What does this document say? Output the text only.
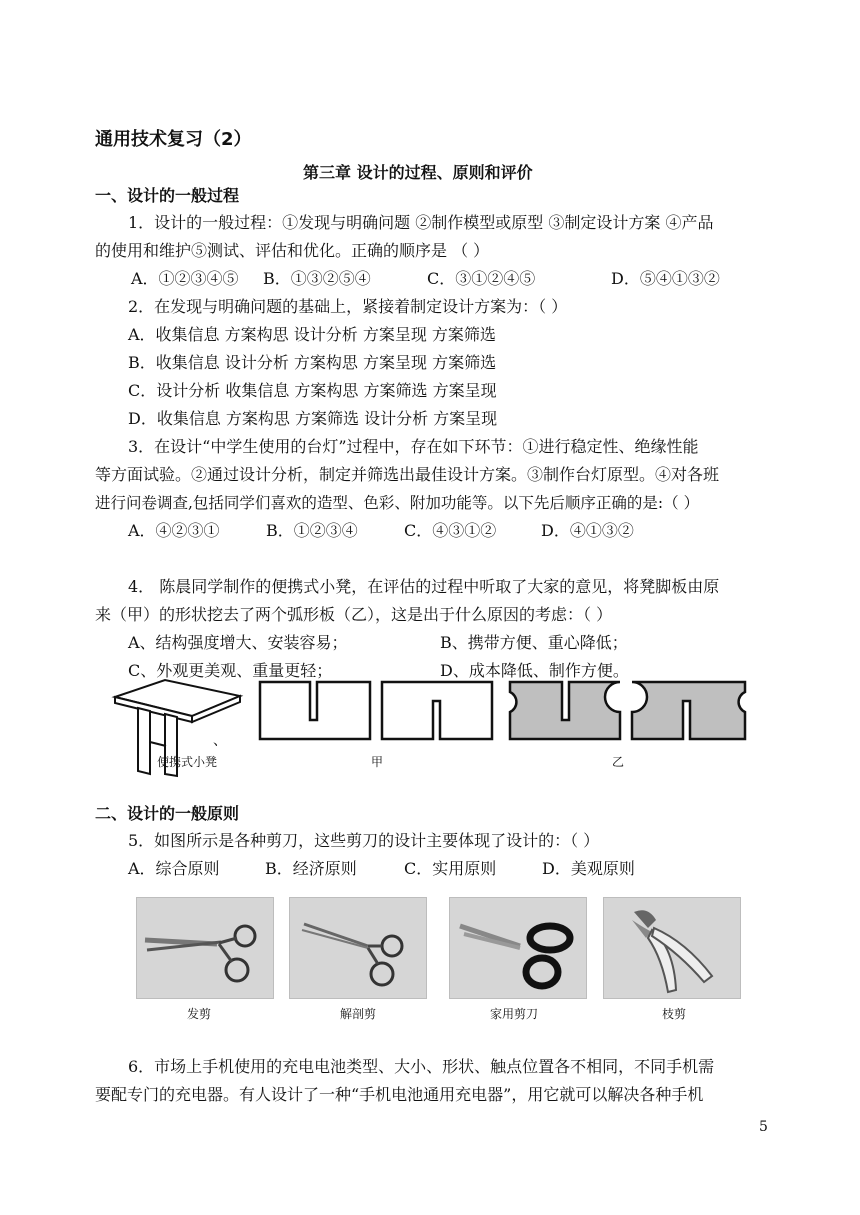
通用技术复习（2）
第三章 设计的过程、原则和评价
一、设计的一般过程
1．设计的一般过程：①发现与明确问题 ②制作模型或原型 ③制定设计方案 ④产品
的使用和维护⑤测试、评估和优化。正确的顺序是 （ ）
A．①②③④⑤ B．①③②⑤④	C．③①②④⑤	D．⑤④①③②
2．在发现与明确问题的基础上，紧接着制定设计方案为：（ ）
A．收集信息 方案构思 设计分析 方案呈现 方案筛选
B．收集信息 设计分析 方案构思 方案呈现 方案筛选
C．设计分析 收集信息 方案构思 方案筛选 方案呈现
D．收集信息 方案构思 方案筛选 设计分析 方案呈现
3．在设计“中学生使用的台灯”过程中，存在如下环节：①进行稳定性、绝缘性能
等方面试验。②通过设计分析，制定并筛选出最佳设计方案。③制作台灯原型。④对各班
进行问卷调查,包括同学们喜欢的造型、色彩、附加功能等。以下先后顺序正确的是:（ ）
A．④②③①	B．①②③④	C．④③①②	D．④①③②
4． 陈晨同学制作的便携式小凳，在评估的过程中听取了大家的意见，将凳脚板由原
来（甲）的形状挖去了两个弧形板（乙），这是出于什么原因的考虑：（ ）
A、结构强度增大、安装容易；	B、携带方便、重心降低；
C、外观更美观、重量更轻；	D、成本降低、制作方便。
、
便携式小凳	甲	乙
二、设计的一般原则
5．如图所示是各种剪刀，这些剪刀的设计主要体现了设计的：（ ）
A．综合原则	B．经济原则	C．实用原则	D．美观原则
发剪	解剖剪	家用剪刀	枝剪
6．市场上手机使用的充电电池类型、大小、形状、触点位置各不相同，不同手机需
要配专门的充电器。有人设计了一种“手机电池通用充电器”，用它就可以解决各种手机
5
